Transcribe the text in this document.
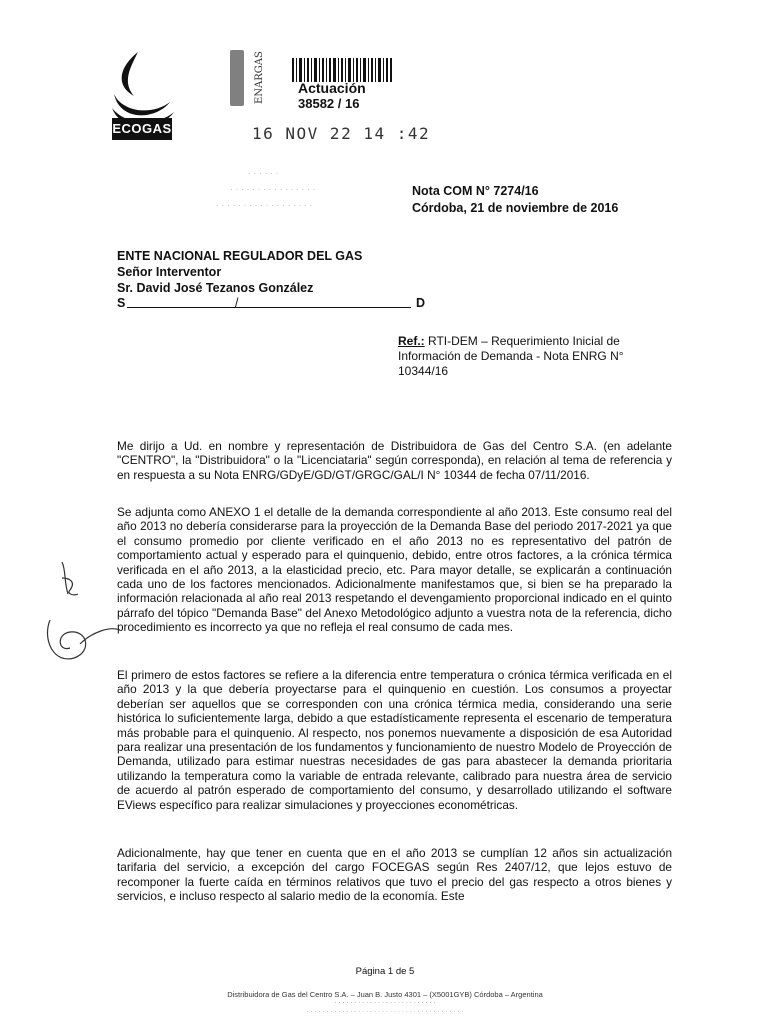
ECOGAS
ENARGAS Actuación
38582 / 16
16 NOV 22 14 :42
· · · · · ·
· · · · · · · · · · · · · · · ·
· · · · · · · · · · · · · · · · · ·
Nota COM N° 7274/16
Córdoba, 21 de noviembre de 2016
ENTE NACIONAL REGULADOR DEL GAS
Señor Interventor
Sr. David José Tezanos González
S	/	D
Ref.: RTI-DEM – Requerimiento Inicial de Información de Demanda - Nota ENRG N° 10344/16
Me dirijo a Ud. en nombre y representación de Distribuidora de Gas del Centro S.A. (en adelante "CENTRO", la "Distribuidora" o la "Licenciataria" según corresponda), en relación al tema de referencia y en respuesta a su Nota ENRG/GDyE/GD/GT/GRGC/GAL/I N° 10344 de fecha 07/11/2016.
Se adjunta como ANEXO 1 el detalle de la demanda correspondiente al año 2013. Este consumo real del año 2013 no debería considerarse para la proyección de la Demanda Base del periodo 2017-2021 ya que el consumo promedio por cliente verificado en el año 2013 no es representativo del patrón de comportamiento actual y esperado para el quinquenio, debido, entre otros factores, a la crónica térmica verificada en el año 2013, a la elasticidad precio, etc. Para mayor detalle, se explicarán a continuación cada uno de los factores mencionados. Adicionalmente manifestamos que, si bien se ha preparado la información relacionada al año real 2013 respetando el devengamiento proporcional indicado en el quinto párrafo del tópico "Demanda Base" del Anexo Metodológico adjunto a vuestra nota de la referencia, dicho procedimiento es incorrecto ya que no refleja el real consumo de cada mes.
El primero de estos factores se refiere a la diferencia entre temperatura o crónica térmica verificada en el año 2013 y la que debería proyectarse para el quinquenio en cuestión. Los consumos a proyectar deberían ser aquellos que se corresponden con una crónica térmica media, considerando una serie histórica lo suficientemente larga, debido a que estadísticamente representa el escenario de temperatura más probable para el quinquenio. Al respecto, nos ponemos nuevamente a disposición de esa Autoridad para realizar una presentación de los fundamentos y funcionamiento de nuestro Modelo de Proyección de Demanda, utilizado para estimar nuestras necesidades de gas para abastecer la demanda prioritaria utilizando la temperatura como la variable de entrada relevante, calibrado para nuestra área de servicio de acuerdo al patrón esperado de comportamiento del consumo, y desarrollado utilizando el software EViews específico para realizar simulaciones y proyecciones econométricas.
Adicionalmente, hay que tener en cuenta que en el año 2013 se cumplían 12 años sin actualización tarifaria del servicio, a excepción del cargo FOCEGAS según Res 2407/12, que lejos estuvo de recomponer la fuerte caída en términos relativos que tuvo el precio del gas respecto a otros bienes y servicios, e incluso respecto al salario medio de la economía. Este
Página 1 de 5
Distribuidora de Gas del Centro S.A. – Juan B. Justo 4301 – (X5001GYB) Córdoba – Argentina
· · · · · · · · · · · · · · · · · · · · · · · · · ·
· · · · · · · · · · · · · · · · · · · · · · · · · · · · · · · · · · · · · · · ·
